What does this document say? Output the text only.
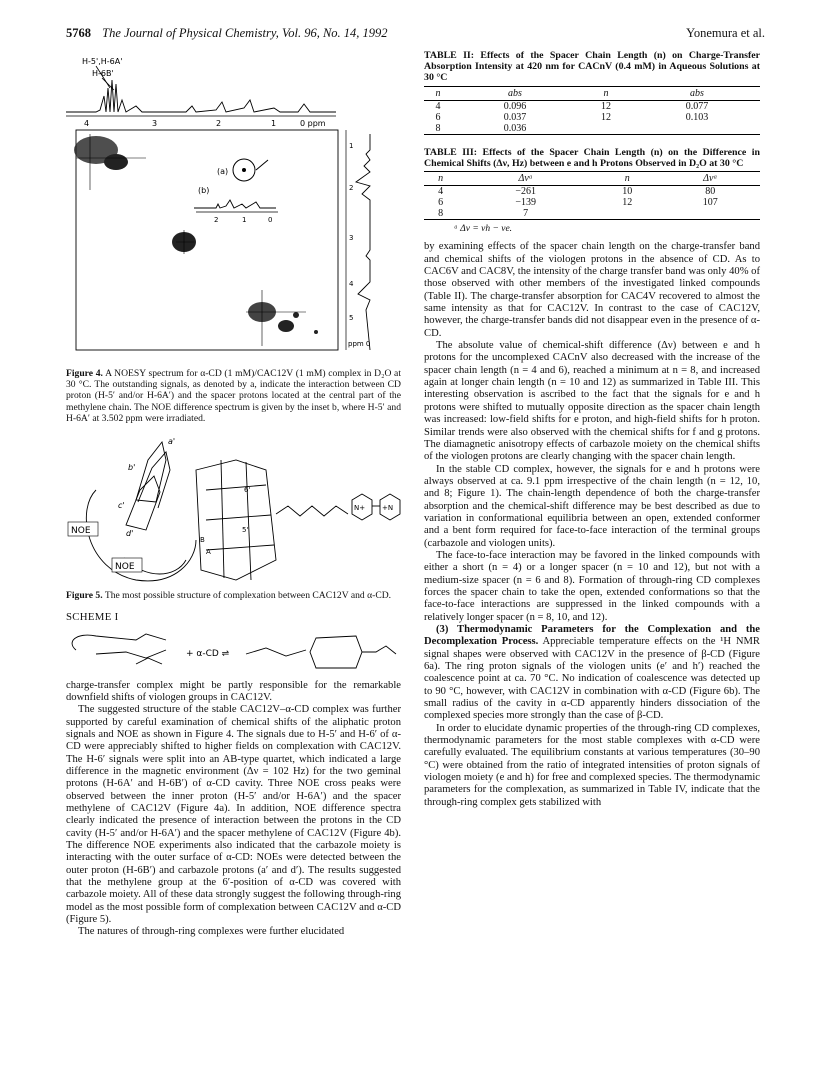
5768 The Journal of Physical Chemistry, Vol. 96, No. 14, 1992	Yonemura et al.
H-5',H-6A'
H-6B'
4	3	2	1	0 ppm
(a)
(b)
2	1	0
1
2
3
4
5
ppm 0

Figure 4. A NOESY spectrum for α-CD (1 mM)/CAC12V (1 mM) complex in D₂O at 30 °C. The outstanding signals, as denoted by a, indicate the interaction between CD proton (H-5′ and/or H-6A′) and the spacer protons located at the central part of the methylene chain. The NOE difference spectrum is given by the inset b, where H-5′ and H-6A′ at 3.502 ppm were irradiated.

a'
b'
c'
d'
NOE
NOE
N+ +N
B
A
5'
6'

Figure 5. The most possible structure of complexation between CAC12V and α-CD.

SCHEME I
+ α-CD ⇌

charge-transfer complex might be partly responsible for the remarkable downfield shifts of viologen groups in CAC12V.

The suggested structure of the stable CAC12V–α-CD complex was further supported by careful examination of chemical shifts of the aliphatic proton signals and NOE as shown in Figure 4. The signals due to H-5′ and H-6′ of α-CD were appreciably shifted to higher fields on complexation with CAC12V. The H-6′ signals were split into an AB-type quartet, which indicated a large difference in the magnetic environment (Δν = 102 Hz) for the two geminal protons (H-6A′ and H-6B′) of α-CD cavity. Three NOE cross peaks were observed between the inner proton (H-5′ and/or H-6A′) and the spacer methylene of CAC12V (Figure 4a). In addition, NOE difference spectra clearly indicated the presence of interaction between the protons in the CD cavity (H-5′ and/or H-6A′) and the spacer methylene of CAC12V (Figure 4b). The difference NOE experiments also indicated that the carbazole moiety is interacting with the outer surface of α-CD: NOEs were detected between the outer proton (H-6B′) and carbazole protons (a′ and d′). The results suggested that the methylene group at the 6′-position of α-CD was covered with carbazole moiety. All of these data strongly suggest the following through-ring model as the most possible form of complexation between CAC12V and α-CD (Figure 5).

The natures of through-ring complexes were further elucidated

TABLE II: Effects of the Spacer Chain Length (n) on Charge-Transfer Absorption Intensity at 420 nm for CACnV (0.4 mM) in Aqueous Solutions at 30 °C

n	abs	n	abs
4	0.096	12	0.077
6	0.037	12	0.103
8	0.036		

TABLE III: Effects of the Spacer Chain Length (n) on the Difference in Chemical Shifts (Δν, Hz) between e and h Protons Observed in D₂O at 30 °C

n	Δνᵃ	n	Δνᵃ
4	−261	10	80
6	−139	12	107
8	7		
ᵃ Δν = νh − νe.

by examining effects of the spacer chain length on the charge-transfer band and chemical shifts of the viologen protons in the absence of CD. As to CAC6V and CAC8V, the intensity of the charge transfer band was only 40% of those observed with other members of the investigated linked compounds (Table II). The charge-transfer absorption for CAC4V recovered to almost the same intensity as that for CAC12V. In contrast to the case of CAC12V, however, the charge-transfer bands did not disappear even in the presence of α-CD.

The absolute value of chemical-shift difference (Δν) between e and h protons for the uncomplexed CACnV also decreased with the increase of the spacer chain length (n = 4 and 6), reached a minimum at n = 8, and increased again at longer chain length (n = 10 and 12) as summarized in Table III. This interesting observation is ascribed to the fact that the signals for e and h protons were shifted to mutually opposite direction as the spacer chain length was increased: low-field shifts for e proton, and high-field shifts for h proton. Similar trends were also observed with the chemical shifts for f and g protons. The diamagnetic anisotropy effects of carbazole moiety on the chemical shifts of the viologen protons are clearly changing with the spacer chain length.

In the stable CD complex, however, the signals for e and h protons were always observed at ca. 9.1 ppm irrespective of the chain length (n = 12, 10, and 8; Figure 1). The chain-length dependence of both the charge-transfer absorption and the chemical-shift difference may be best described as due to variation in conformational equilibria between an open, extended conformer and a bent form required for face-to-face interaction of the terminal groups (carbazole and viologen units).

The face-to-face interaction may be favored in the linked compounds with either a short (n = 4) or a longer spacer (n = 10 and 12), but not with a medium-size spacer (n = 6 and 8). Formation of through-ring CD complexes forces the spacer chain to take the open, extended conformations so that the face-to-face interactions are suppressed in the linked compounds with a relatively longer spacer (n = 8, 10, and 12).

(3) Thermodynamic Parameters for the Complexation and the Decomplexation Process. Appreciable temperature effects on the ¹H NMR signal shapes were observed with CAC12V in the presence of β-CD (Figure 6a). The ring proton signals of the viologen units (e′ and h′) reached the coalescence point at ca. 70 °C. No indication of coalescence was detected up to 90 °C, however, with CAC12V in combination with α-CD (Figure 6b). The small radius of the cavity in α-CD apparently hinders dissociation of the complexed species more strongly than the case of β-CD.

In order to elucidate dynamic properties of the through-ring CD complexes, thermodynamic parameters for the most stable complexes with α-CD were carefully evaluated. The equilibrium constants at various temperatures (30–90 °C) were obtained from the ratio of integrated intensities of proton signals of viologen moiety (e and h) for free and complexed species. The thermodynamic parameters for the complexation, as summarized in Table IV, indicate that the through-ring complex gets stabilized with
